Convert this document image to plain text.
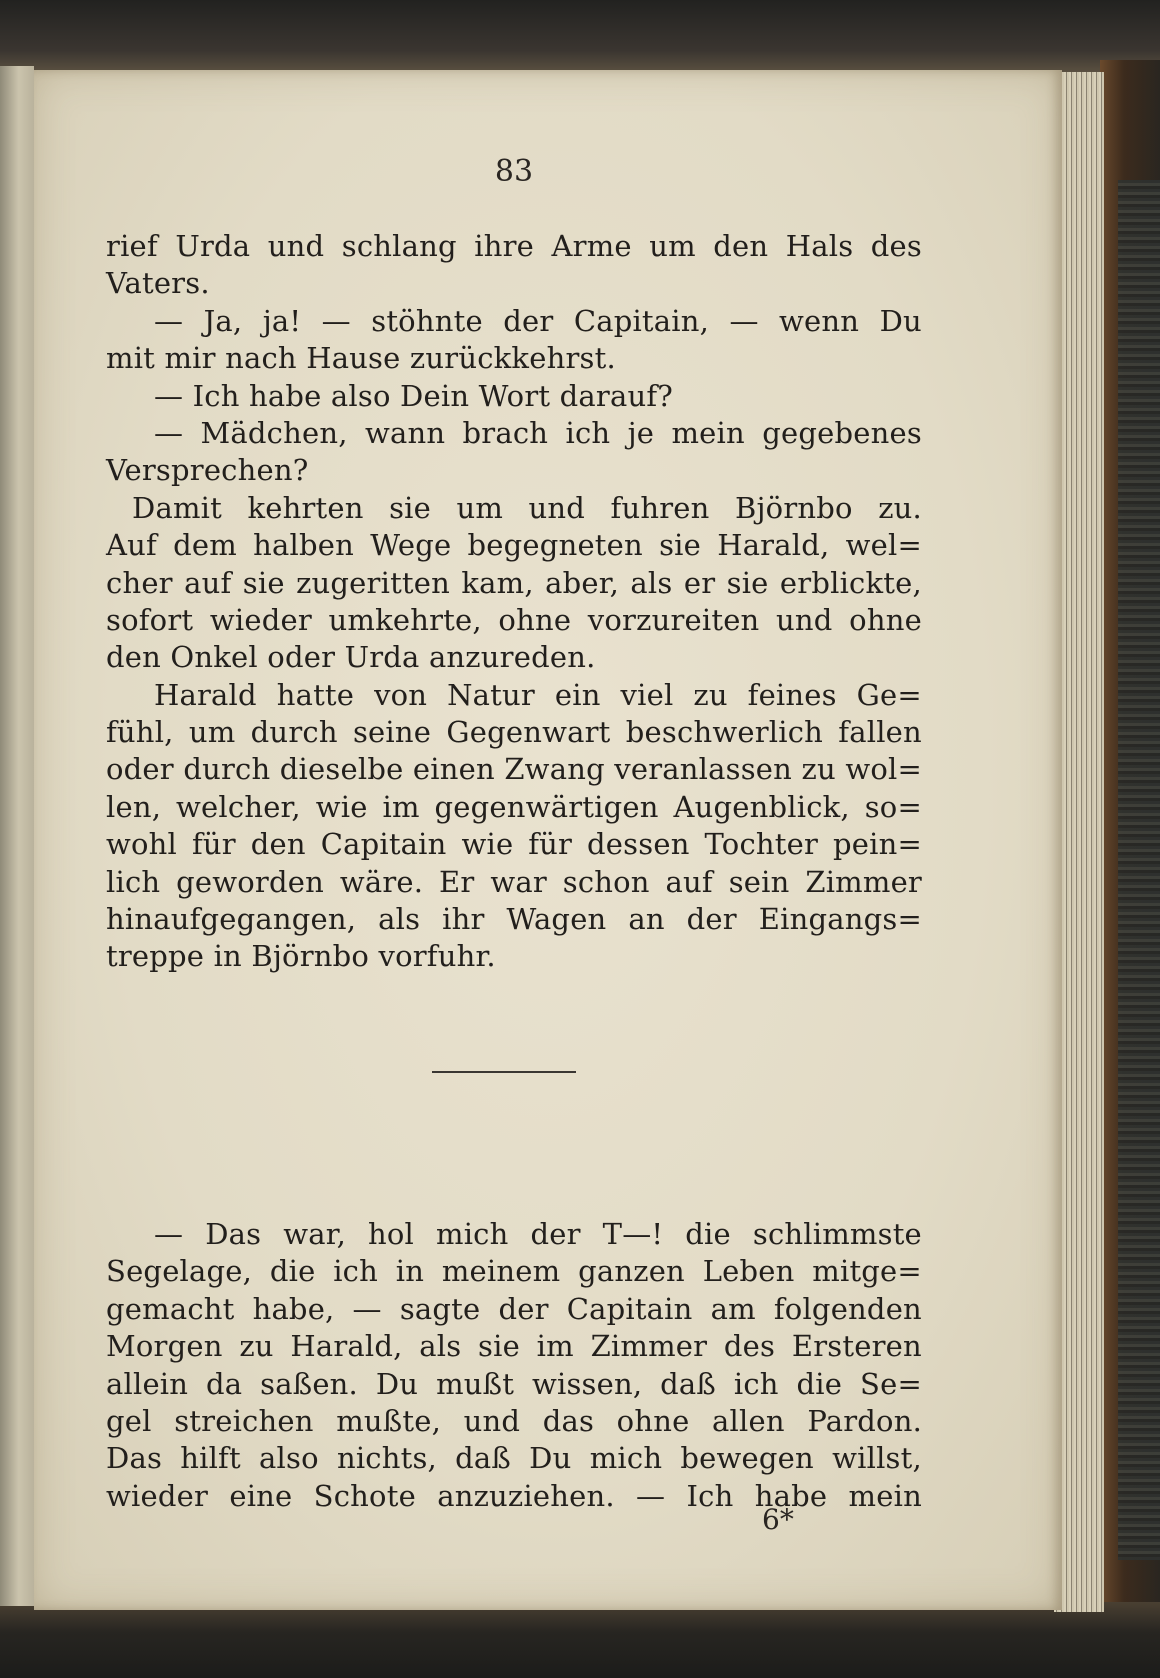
83
rief Urda und schlang ihre Arme um den Hals des
Vaters.
— Ja, ja! — stöhnte der Capitain, — wenn Du
mit mir nach Hause zurückkehrst.
— Ich habe also Dein Wort darauf?
— Mädchen, wann brach ich je mein gegebenes
Versprechen?
Damit kehrten sie um und fuhren Björnbo zu.
Auf dem halben Wege begegneten sie Harald, wel=
cher auf sie zugeritten kam, aber, als er sie erblickte,
sofort wieder umkehrte, ohne vorzureiten und ohne
den Onkel oder Urda anzureden.
Harald hatte von Natur ein viel zu feines Ge=
fühl, um durch seine Gegenwart beschwerlich fallen
oder durch dieselbe einen Zwang veranlassen zu wol=
len, welcher, wie im gegenwärtigen Augenblick, so=
wohl für den Capitain wie für dessen Tochter pein=
lich geworden wäre. Er war schon auf sein Zimmer
hinaufgegangen, als ihr Wagen an der Eingangs=
treppe in Björnbo vorfuhr.
— Das war, hol mich der T—! die schlimmste
Segelage, die ich in meinem ganzen Leben mitge=
gemacht habe, — sagte der Capitain am folgenden
Morgen zu Harald, als sie im Zimmer des Ersteren
allein da saßen. Du mußt wissen, daß ich die Se=
gel streichen mußte, und das ohne allen Pardon.
Das hilft also nichts, daß Du mich bewegen willst,
wieder eine Schote anzuziehen. — Ich habe mein
6*
